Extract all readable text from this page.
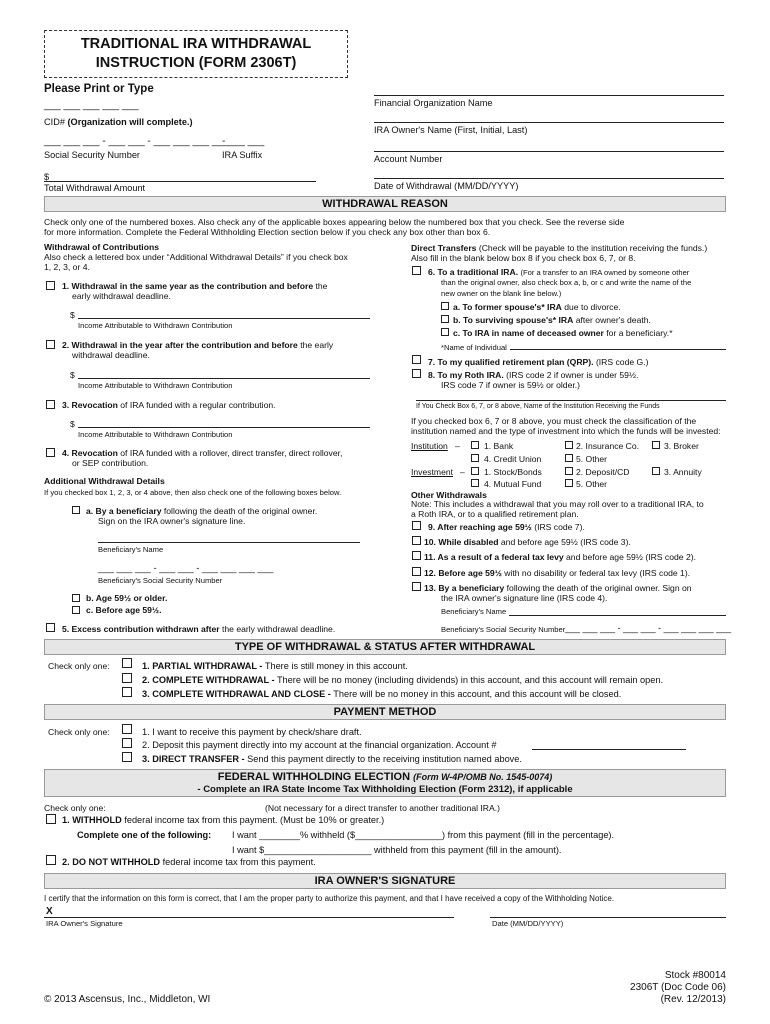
TRADITIONAL IRA WITHDRAWAL
INSTRUCTION (FORM 2306T)
Please Print or Type
___ ___ ___ ___ ___
CID# (Organization will complete.)
___ ___ ___ - ___ ___ - ___ ___ ___ ___
- ___ ___
Social Security Number	IRA Suffix
$
Total Withdrawal Amount
Financial Organization Name
IRA Owner's Name (First, Initial, Last)
Account Number
Date of Withdrawal (MM/DD/YYYY)
WITHDRAWAL REASON
Check only one of the numbered boxes. Also check any of the applicable boxes appearing below the numbered box that you check. See the reverse side
for more information. Complete the Federal Withholding Election section below if you check any box other than box 6.
Withdrawal of Contributions
Also check a lettered box under “Additional Withdrawal Details” if you check box
1, 2, 3, or 4.
1. Withdrawal in the same year as the contribution and before the
early withdrawal deadline.
$
Income Attributable to Withdrawn Contribution
2. Withdrawal in the year after the contribution and before the early
withdrawal deadline.
$
Income Attributable to Withdrawn Contribution
3. Revocation of IRA funded with a regular contribution.
$
Income Attributable to Withdrawn Contribution
4. Revocation of IRA funded with a rollover, direct transfer, direct rollover,
or SEP contribution.
Additional Withdrawal Details
If you checked box 1, 2, 3, or 4 above, then also check one of the following boxes below.
a. By a beneficiary following the death of the original owner.
Sign on the IRA owner's signature line.
Beneficiary's Name
___ ___ ___ - ___ ___ - ___ ___ ___ ___
Beneficiary's Social Security Number
b. Age 59½ or older.
c. Before age 59½.
5. Excess contribution withdrawn after the early withdrawal deadline.
Direct Transfers (Check will be payable to the institution receiving the funds.)
Also fill in the blank below box 8 if you check box 6, 7, or 8.
6. To a traditional IRA. (For a transfer to an IRA owned by someone other
than the original owner, also check box a, b, or c and write the name of the
new owner on the blank line below.)
a. To former spouse's* IRA due to divorce.
b. To surviving spouse's* IRA after owner's death.
c. To IRA in name of deceased owner for a beneficiary.*
*Name of Individual
7. To my qualified retirement plan (QRP). (IRS code G.)
8. To my Roth IRA. (IRS code 2 if owner is under 59½.
IRS code 7 if owner is 59½ or older.)
If You Check Box 6, 7, or 8 above, Name of the Institution Receiving the Funds
If you checked box 6, 7 or 8 above, you must check the classification of the
institution named and the type of investment into which the funds will be invested:
Institution –	1. Bank	2. Insurance Co.	3. Broker
4. Credit Union	5. Other
Investment – 1. Stock/Bonds	2. Deposit/CD	3. Annuity
4. Mutual Fund	5. Other
Other Withdrawals
Note: This includes a withdrawal that you may roll over to a traditional IRA, to
a Roth IRA, or to a qualified retirement plan.
9. After reaching age 59½ (IRS code 7).
10. While disabled and before age 59½ (IRS code 3).
11. As a result of a federal tax levy and before age 59½ (IRS code 2).
12. Before age 59½ with no disability or federal tax levy (IRS code 1).
13. By a beneficiary following the death of the original owner. Sign on
the IRA owner's signature line (IRS code 4).
Beneficiary's Name
Beneficiary's Social Security Number ___ ___ ___ - ___ ___ - ___ ___ ___ ___
TYPE OF WITHDRAWAL & STATUS AFTER WITHDRAWAL
Check only one:	1. PARTIAL WITHDRAWAL - There is still money in this account.
2. COMPLETE WITHDRAWAL - There will be no money (including dividends) in this account, and this account will remain open.
3. COMPLETE WITHDRAWAL AND CLOSE - There will be no money in this account, and this account will be closed.
PAYMENT METHOD
Check only one:	1. I want to receive this payment by check/share draft.
2. Deposit this payment directly into my account at the financial organization. Account #
3. DIRECT TRANSFER - Send this payment directly to the receiving institution named above.
FEDERAL WITHHOLDING ELECTION (Form W-4P/OMB No. 1545-0074)
- Complete an IRA State Income Tax Withholding Election (Form 2312), if applicable
Check only one:	(Not necessary for a direct transfer to another traditional IRA.)
1. WITHHOLD federal income tax from this payment. (Must be 10% or greater.)
Complete one of the following: I want ________% withheld ($_________________) from this payment (fill in the percentage).
I want $_____________________ withheld from this payment (fill in the amount).
2. DO NOT WITHHOLD federal income tax from this payment.
IRA OWNER'S SIGNATURE
I certify that the information on this form is correct, that I am the proper party to authorize this payment, and that I have received a copy of the Withholding Notice.
X
IRA Owner's Signature	Date (MM/DD/YYYY)
© 2013 Ascensus, Inc., Middleton, WI
Stock #80014
2306T (Doc Code 06)
(Rev. 12/2013)
